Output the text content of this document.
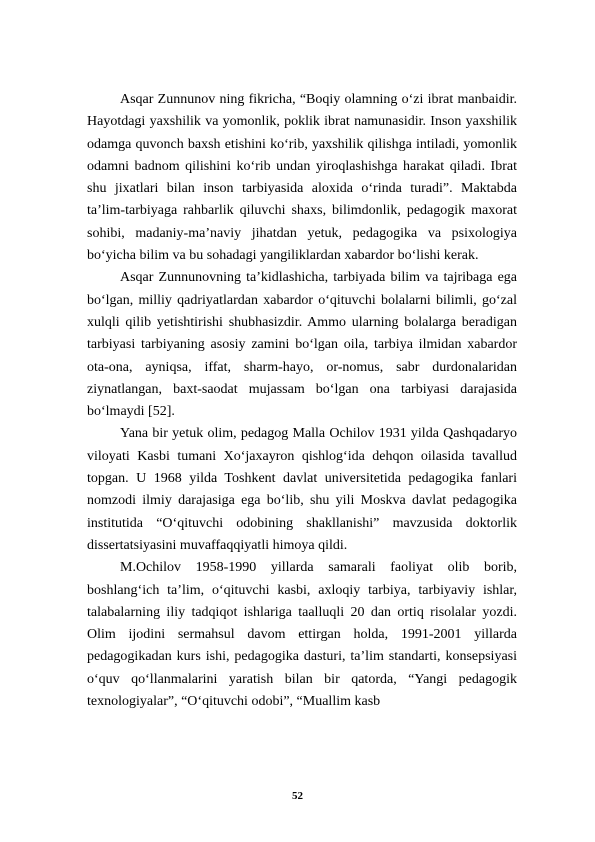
Asqar Zunnunov ning fikricha, “Boqiy olamning o‘zi ibrat manbaidir. Hayotdagi yaxshilik va yomonlik, poklik ibrat namunasidir. Inson yaxshilik odamga quvonch baxsh etishini ko‘rib, yaxshilik qilishga intiladi, yomonlik odamni badnom qilishini ko‘rib undan yiroqlashishga harakat qiladi. Ibrat shu jixatlari bilan inson tarbiyasida aloxida o‘rinda turadi”. Maktabda ta’lim-tarbiyaga rahbarlik qiluvchi shaxs, bilimdonlik, pedagogik maxorat sohibi, madaniy-ma’naviy jihatdan yetuk, pedagogika va psixologiya bo‘yicha bilim va bu sohadagi yangiliklardan xabardor bo‘lishi kerak.

Asqar Zunnunovning ta’kidlashicha, tarbiyada bilim va tajribaga ega bo‘lgan, milliy qadriyatlardan xabardor o‘qituvchi bolalarni bilimli, go‘zal xulqli qilib yetishtirishi shubhasizdir. Ammo ularning bolalarga beradigan tarbiyasi tarbiyaning asosiy zamini bo‘lgan oila, tarbiya ilmidan xabardor ota-ona, ayniqsa, iffat, sharm-hayo, or-nomus, sabr durdonalaridan ziynatlangan, baxt-saodat mujassam bo‘lgan ona tarbiyasi darajasida bo‘lmaydi [52].

Yana bir yetuk olim, pedagog Malla Ochilov 1931 yilda Qashqadaryo viloyati Kasbi tumani Xo‘jaxayron qishlog‘ida dehqon oilasida tavallud topgan. U 1968 yilda Toshkent davlat universitetida pedagogika fanlari nomzodi ilmiy darajasiga ega bo‘lib, shu yili Moskva davlat pedagogika institutida “O‘qituvchi odobining shakllanishi” mavzusida doktorlik dissertatsiyasini muvaffaqqiyatli himoya qildi.

M.Ochilov 1958-1990 yillarda samarali faoliyat olib borib, boshlang‘ich ta’lim, o‘qituvchi kasbi, axloqiy tarbiya, tarbiyaviy ishlar, talabalarning iliy tadqiqot ishlariga taalluqli 20 dan ortiq risolalar yozdi. Olim ijodini sermahsul davom ettirgan holda, 1991-2001 yillarda pedagogikadan kurs ishi, pedagogika dasturi, ta’lim standarti, konsepsiyasi o‘quv qo‘llanmalarini yaratish bilan bir qatorda, “Yangi pedagogik texnologiyalar”, “O‘qituvchi odobi”, “Muallim kasb

52
